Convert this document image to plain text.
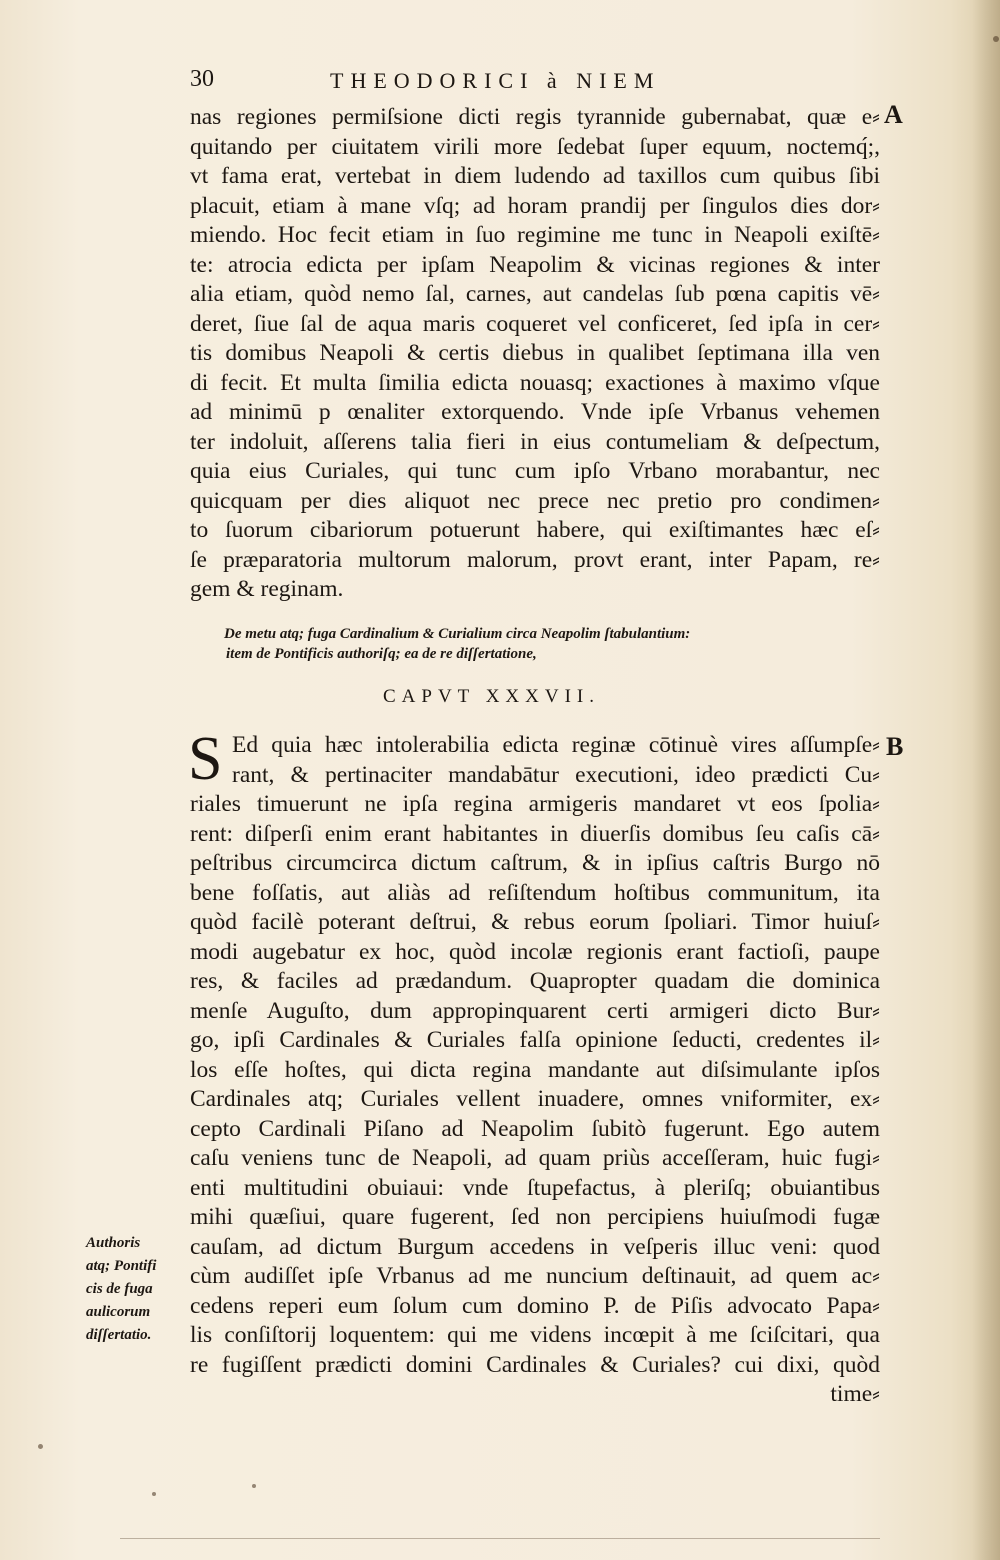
30	THEODORICI à NIEM
A
nas regiones permiſsione dicti regis tyrannide gubernabat, quæ e⸗
quitando per ciuitatem virili more ſedebat ſuper equum, noctemq́;,
vt fama erat, vertebat in diem ludendo ad taxillos cum quibus ſibi
placuit, etiam à mane vſq; ad horam prandij per ſingulos dies dor⸗
miendo. Hoc fecit etiam in ſuo regimine me tunc in Neapoli exiſtē⸗
te: atrocia edicta per ipſam Neapolim & vicinas regiones & inter
alia etiam, quòd nemo ſal, carnes, aut candelas ſub pœna capitis vē⸗
deret, ſiue ſal de aqua maris coqueret vel conficeret, ſed ipſa in cer⸗
tis domibus Neapoli & certis diebus in qualibet ſeptimana illa ven
di fecit. Et multa ſimilia edicta nouasq; exactiones à maximo vſque
ad minimū p œnaliter extorquendo. Vnde ipſe Vrbanus vehemen
ter indoluit, aſſerens talia fieri in eius contumeliam & deſpectum,
quia eius Curiales, qui tunc cum ipſo Vrbano morabantur, nec
quicquam per dies aliquot nec prece nec pretio pro condimen⸗
to ſuorum cibariorum potuerunt habere, qui exiſtimantes hæc eſ⸗
ſe præparatoria multorum malorum, provt erant, inter Papam, re⸗
gem & reginam.
De metu atq; fuga Cardinalium & Curialium circa Neapolim ſtabulantium:
item de Pontificis authoriſq; ea de re diſſertatione,
CAPVT XXXVII.
S	B
Ed quia hæc intolerabilia edicta reginæ cōtinuè vires aſſumpſe⸗
rant, & pertinaciter mandabātur executioni, ideo prædicti Cu⸗
riales timuerunt ne ipſa regina armigeris mandaret vt eos ſpolia⸗
rent: diſperſi enim erant habitantes in diuerſis domibus ſeu caſis cā⸗
peſtribus circumcirca dictum caſtrum, & in ipſius caſtris Burgo nō
bene foſſatis, aut aliàs ad reſiſtendum hoſtibus communitum, ita
quòd facilè poterant deſtrui, & rebus eorum ſpoliari. Timor huiuſ⸗
modi augebatur ex hoc, quòd incolæ regionis erant factioſi, paupe
res, & faciles ad prædandum. Quapropter quadam die dominica
menſe Auguſto, dum appropinquarent certi armigeri dicto Bur⸗
go, ipſi Cardinales & Curiales falſa opinione ſeducti, credentes il⸗
los eſſe hoſtes, qui dicta regina mandante aut diſsimulante ipſos
Cardinales atq; Curiales vellent inuadere, omnes vniformiter, ex⸗
cepto Cardinali Piſano ad Neapolim ſubitò fugerunt. Ego autem
caſu veniens tunc de Neapoli, ad quam priùs acceſſeram, huic fugi⸗
enti multitudini obuiaui: vnde ſtupefactus, à pleriſq; obuiantibus
mihi quæſiui, quare fugerent, ſed non percipiens huiuſmodi fugæ
cauſam, ad dictum Burgum accedens in veſperis illuc veni: quod
cùm audiſſet ipſe Vrbanus ad me nuncium deſtinauit, ad quem ac⸗
cedens reperi eum ſolum cum domino P. de Piſis advocato Papa⸗
lis conſiſtorij loquentem: qui me videns incœpit à me ſciſcitari, qua
re fugiſſent prædicti domini Cardinales & Curiales? cui dixi, quòd
time⸗
Authoris
atq; Pontifi
cis de fuga
aulicorum
diſſertatio.
